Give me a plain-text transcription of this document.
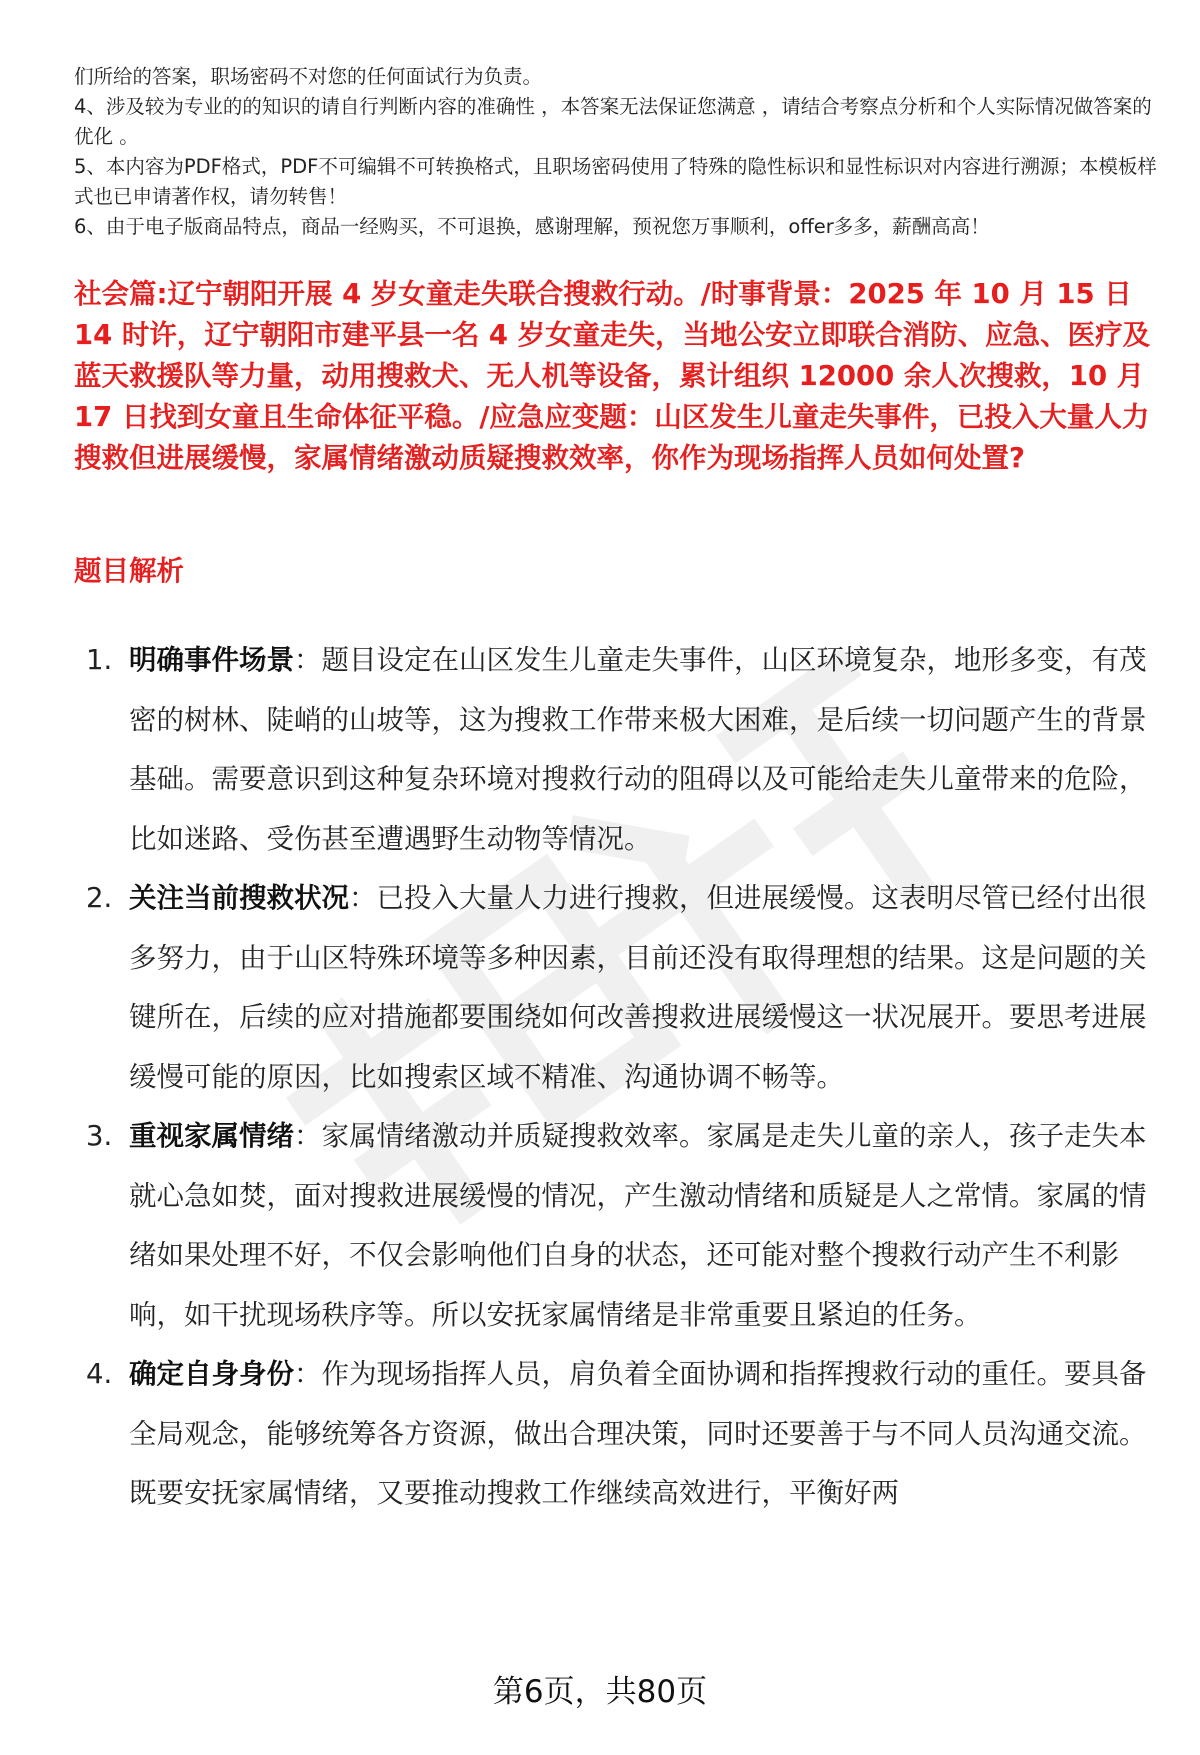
们所给的答案，职场密码不对您的任何面试行为负责。

4、涉及较为专业的的知识的请自行判断内容的准确性 ，本答案无法保证您满意 ，请结合考察点分析和个人实际情况做答案的优化 。

5、本内容为PDF格式，PDF不可编辑不可转换格式，且职场密码使用了特殊的隐性标识和显性标识对内容进行溯源；本模板样式也已申请著作权，请勿转售！

6、由于电子版商品特点，商品一经购买，不可退换，感谢理解，预祝您万事顺利，offer多多，薪酬高高！

社会篇:辽宁朝阳开展 4 岁女童走失联合搜救行动。/时事背景：2025 年 10 月 15 日 14 时许，辽宁朝阳市建平县一名 4 岁女童走失，当地公安立即联合消防、应急、医疗及蓝天救援队等力量，动用搜救犬、无人机等设备，累计组织 12000 余人次搜救，10 月 17 日找到女童且生命体征平稳。/应急应变题：山区发生儿童走失事件，已投入大量人力搜救但进展缓慢，家属情绪激动质疑搜救效率，你作为现场指挥人员如何处置?

题目解析
1. 明确事件场景：题目设定在山区发生儿童走失事件，山区环境复杂，地形多变，有茂密的树林、陡峭的山坡等，这为搜救工作带来极大困难，是后续一切问题产生的背景基础。需要意识到这种复杂环境对搜救行动的阻碍以及可能给走失儿童带来的危险，比如迷路、受伤甚至遭遇野生动物等情况。
2. 关注当前搜救状况：已投入大量人力进行搜救，但进展缓慢。这表明尽管已经付出很多努力，由于山区特殊环境等多种因素，目前还没有取得理想的结果。这是问题的关键所在，后续的应对措施都要围绕如何改善搜救进展缓慢这一状况展开。要思考进展缓慢可能的原因，比如搜索区域不精准、沟通协调不畅等。
3. 重视家属情绪：家属情绪激动并质疑搜救效率。家属是走失儿童的亲人，孩子走失本就心急如焚，面对搜救进展缓慢的情况，产生激动情绪和质疑是人之常情。家属的情绪如果处理不好，不仅会影响他们自身的状态，还可能对整个搜救行动产生不利影响，如干扰现场秩序等。所以安抚家属情绪是非常重要且紧迫的任务。
4. 确定自身身份：作为现场指挥人员，肩负着全面协调和指挥搜救行动的重任。要具备全局观念，能够统筹各方资源，做出合理决策，同时还要善于与不同人员沟通交流。既要安抚家属情绪，又要推动搜救工作继续高效进行，平衡好两
第6页，共80页
